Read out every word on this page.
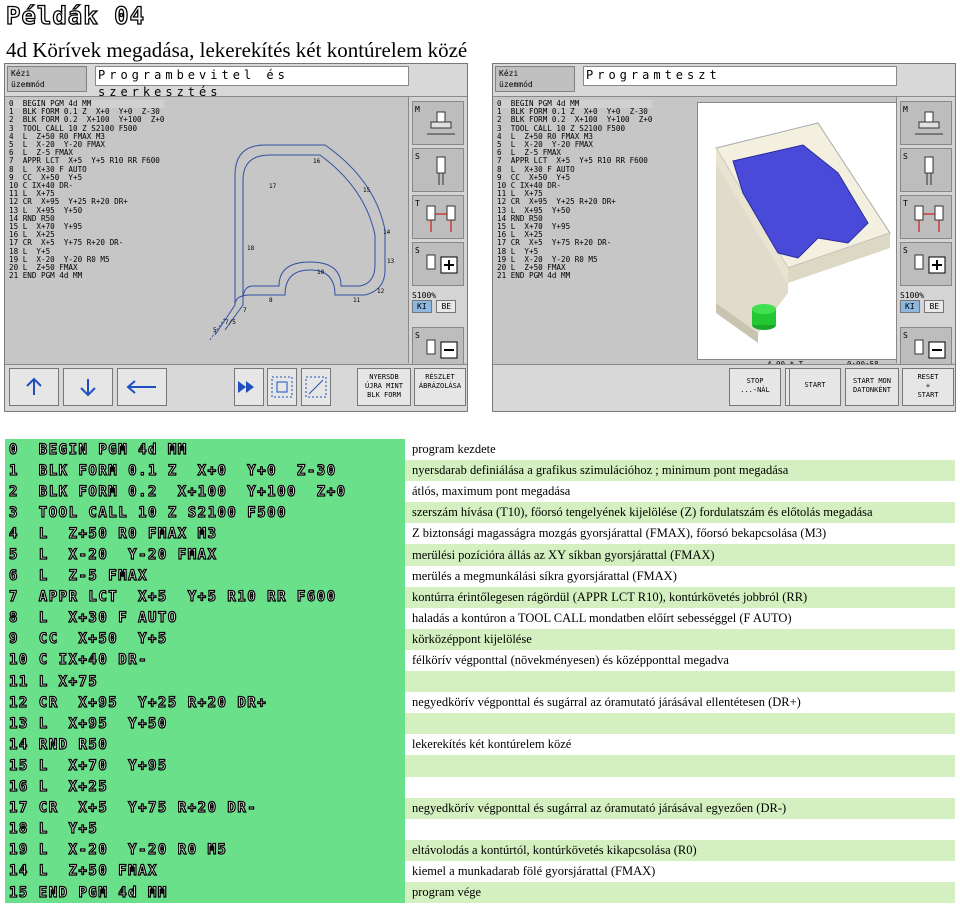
Példák 04
4d Körívek megadása, lekerekítés két kontúrelem közé
Kézi
üzemmód
Programbevitel és szerkesztés
0  BEGIN PGM 4d MM
1  BLK FORM 0.1 Z  X+0  Y+0  Z-30
2  BLK FORM 0.2  X+100  Y+100  Z+0
3  TOOL CALL 10 Z S2100 F500
4  L  Z+50 R0 FMAX M3
5  L  X-20  Y-20 FMAX
6  L  Z-5 FMAX
7  APPR LCT  X+5  Y+5 R10 RR F600
8  L  X+30 F AUTO
9  CC  X+50  Y+5
10 C IX+40 DR-
11 L  X+75
12 CR  X+95  Y+25 R+20 DR+
13 L  X+95  Y+50
14 RND R50
15 L  X+70  Y+95
16 L  X+25
17 CR  X+5  Y+75 R+20 DR-
18 L  Y+5
19 L  X-20  Y-20 R0 M5
20 L  Z+50 FMAX
21 END PGM 4d MM
16
17
15
14
18
13
10
11
12
8
7
7/5
5
M
S
T
S
S100%
KI BE
S
NYERSDB
ÚJRA MINT
BLK FORM
RÉSZLET
ÁBRÁZOLÁSA
Kézi
üzemmód
Programteszt
0  BEGIN PGM 4d MM
1  BLK FORM 0.1 Z  X+0  Y+0  Z-30
2  BLK FORM 0.2  X+100  Y+100  Z+0
3  TOOL CALL 10 Z S2100 F500
4  L  Z+50 R0 FMAX M3
5  L  X-20  Y-20 FMAX
6  L  Z-5 FMAX
7  APPR LCT  X+5  Y+5 R10 RR F600
8  L  X+30 F AUTO
9  CC  X+50  Y+5
10 C IX+40 DR-
11 L  X+75
12 CR  X+95  Y+25 R+20 DR+
13 L  X+95  Y+50
14 RND R50
15 L  X+70  Y+95
16 L  X+25
17 CR  X+5  Y+75 R+20 DR-
18 L  Y+5
19 L  X-20  Y-20 R0 M5
20 L  Z+50 FMAX
21 END PGM 4d MM
M
S
T
S
S100%
KI BE
S
STOP
...-NÁL
START	START MON
DATONKÉNT
RESET
+
START
0  BEGIN PGM 4d MM	program kezdete
1  BLK FORM 0.1 Z  X+0  Y+0  Z-30	nyersdarab definiálása a grafikus szimulációhoz ; minimum pont megadása
2  BLK FORM 0.2  X+100  Y+100  Z+0	átlós, maximum pont megadása
3  TOOL CALL 10 Z S2100 F500	szerszám hívása (T10), főorsó tengelyének kijelölése (Z) fordulatszám és előtolás megadása
4  L  Z+50 R0 FMAX M3	Z biztonsági magasságra mozgás gyorsjárattal (FMAX), főorsó bekapcsolása (M3)
5  L  X-20  Y-20 FMAX	merülési pozícióra állás az XY síkban gyorsjárattal (FMAX)
6  L  Z-5 FMAX	merülés a megmunkálási síkra gyorsjárattal (FMAX)
7  APPR LCT  X+5  Y+5 R10 RR F600	kontúrra érintőlegesen rágördül (APPR LCT R10), kontúrkövetés jobbról (RR)
8  L  X+30 F AUTO	haladás a kontúron a TOOL CALL mondatben előírt sebességgel (F AUTO)
9  CC  X+50  Y+5	körközéppont kijelölése
10 C IX+40 DR-	félkörív végponttal (növekményesen) és középponttal megadva
11 L X+75
12 CR  X+95  Y+25 R+20 DR+	negyedkörív végponttal és sugárral az óramutató járásával ellentétesen (DR+)
13 L  X+95  Y+50
14 RND R50	lekerekítés két kontúrelem közé
15 L  X+70  Y+95
16 L  X+25
17 CR  X+5  Y+75 R+20 DR-	negyedkörív végponttal és sugárral az óramutató járásával egyezően (DR-)
18 L  Y+5
19 L  X-20  Y-20 R0 M5	eltávolodás a kontúrtól, kontúrkövetés kikapcsolása (R0)
14 L  Z+50 FMAX	kiemel a munkadarab fölé gyorsjárattal (FMAX)
15 END PGM 4d MM	program vége
